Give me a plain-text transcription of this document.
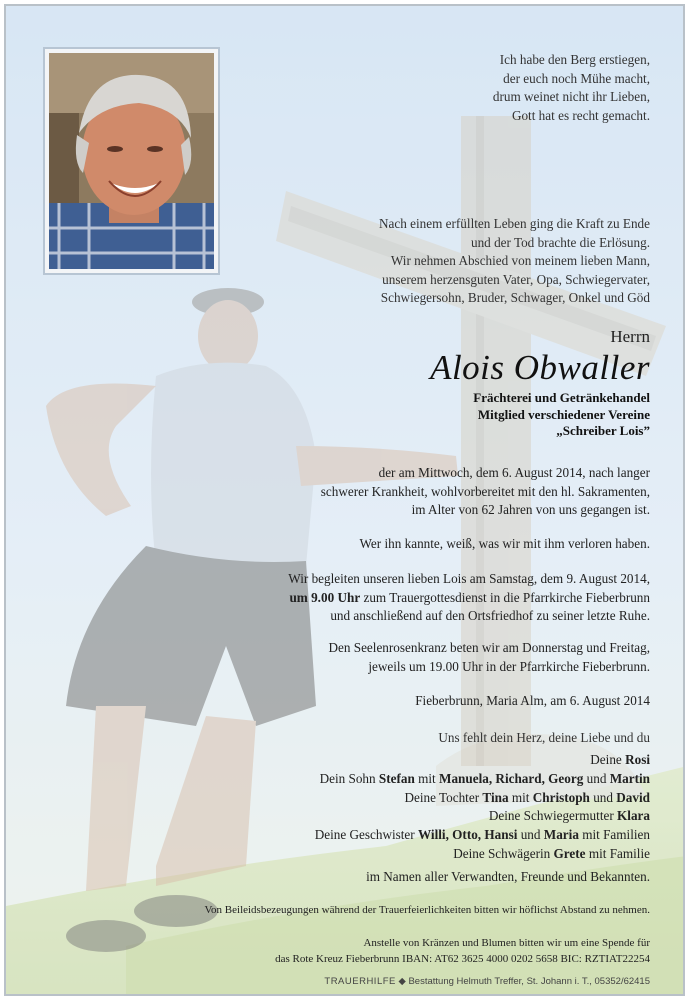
Ich habe den Berg erstiegen,
der euch noch Mühe macht,
drum weinet nicht ihr Lieben,
Gott hat es recht gemacht.
Nach einem erfüllten Leben ging die Kraft zu Ende
und der Tod brachte die Erlösung.
Wir nehmen Abschied von meinem lieben Mann,
unserem herzensguten Vater, Opa, Schwiegervater,
Schwiegersohn, Bruder, Schwager, Onkel und Göd
Herrn
Alois Obwaller
Frächterei und Getränkehandel
Mitglied verschiedener Vereine
„Schreiber Lois”
der am Mittwoch, dem 6. August 2014, nach langer
schwerer Krankheit, wohlvorbereitet mit den hl. Sakramenten,
im Alter von 62 Jahren von uns gegangen ist.
Wer ihn kannte, weiß, was wir mit ihm verloren haben.
Wir begleiten unseren lieben Lois am Samstag, dem 9. August 2014,
um 9.00 Uhr zum Trauergottesdienst in die Pfarrkirche Fieberbrunn
und anschließend auf den Ortsfriedhof zu seiner letzte Ruhe.
Den Seelenrosenkranz beten wir am Donnerstag und Freitag,
jeweils um 19.00 Uhr in der Pfarrkirche Fieberbrunn.
Fieberbrunn, Maria Alm, am 6. August 2014
Uns fehlt dein Herz, deine Liebe und du
Deine Rosi
Dein Sohn Stefan mit Manuela, Richard, Georg und Martin
Deine Tochter Tina mit Christoph und David
Deine Schwiegermutter Klara
Deine Geschwister Willi, Otto, Hansi und Maria mit Familien
Deine Schwägerin Grete mit Familie
im Namen aller Verwandten, Freunde und Bekannten.
Von Beileidsbezeugungen während der Trauerfeierlichkeiten bitten wir höflichst Abstand zu nehmen.
Anstelle von Kränzen und Blumen bitten wir um eine Spende für
das Rote Kreuz Fieberbrunn IBAN: AT62 3625 4000 0202 5658 BIC: RZTIAT22254
TRAUERHILFE ◆ Bestattung Helmuth Treffer, St. Johann i. T., 05352/62415
